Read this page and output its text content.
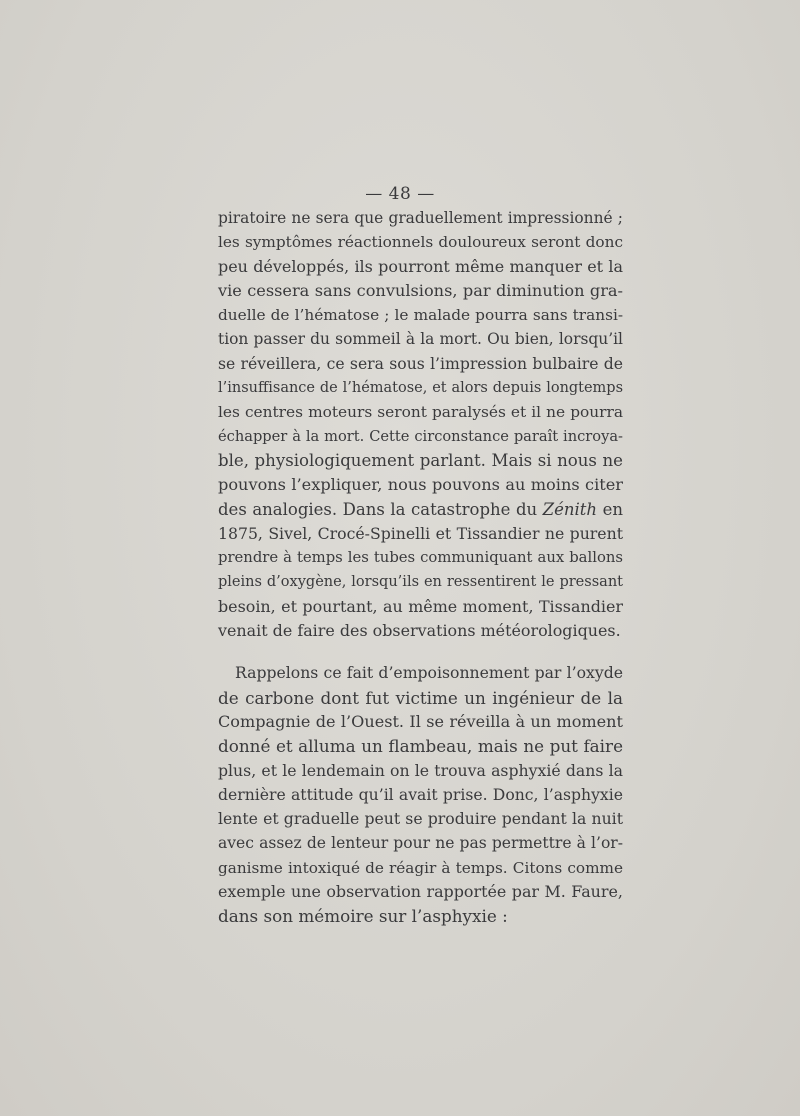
— 48 —

piratoire ne sera que graduellement impressionné ;
les symptômes réactionnels douloureux seront donc
peu développés, ils pourront même manquer et la
vie cessera sans convulsions, par diminution gra-
duelle de l’hématose ; le malade pourra sans transi-
tion passer du sommeil à la mort. Ou bien, lorsqu’il
se réveillera, ce sera sous l’impression bulbaire de
l’insuffisance de l’hématose, et alors depuis longtemps
les centres moteurs seront paralysés et il ne pourra
échapper à la mort. Cette circonstance paraît incroya-
ble, physiologiquement parlant. Mais si nous ne
pouvons l’expliquer, nous pouvons au moins citer
des analogies. Dans la catastrophe du Zénith en
1875, Sivel, Crocé-Spinelli et Tissandier ne purent
prendre à temps les tubes communiquant aux ballons
pleins d’oxygène, lorsqu’ils en ressentirent le pressant
besoin, et pourtant, au même moment, Tissandier
venait de faire des observations météorologiques.

Rappelons ce fait d’empoisonnement par l’oxyde
de carbone dont fut victime un ingénieur de la
Compagnie de l’Ouest. Il se réveilla à un moment
donné et alluma un flambeau, mais ne put faire
plus, et le lendemain on le trouva asphyxié dans la
dernière attitude qu’il avait prise. Donc, l’asphyxie
lente et graduelle peut se produire pendant la nuit
avec assez de lenteur pour ne pas permettre à l’or-
ganisme intoxiqué de réagir à temps. Citons comme
exemple une observation rapportée par M. Faure,
dans son mémoire sur l’asphyxie :
